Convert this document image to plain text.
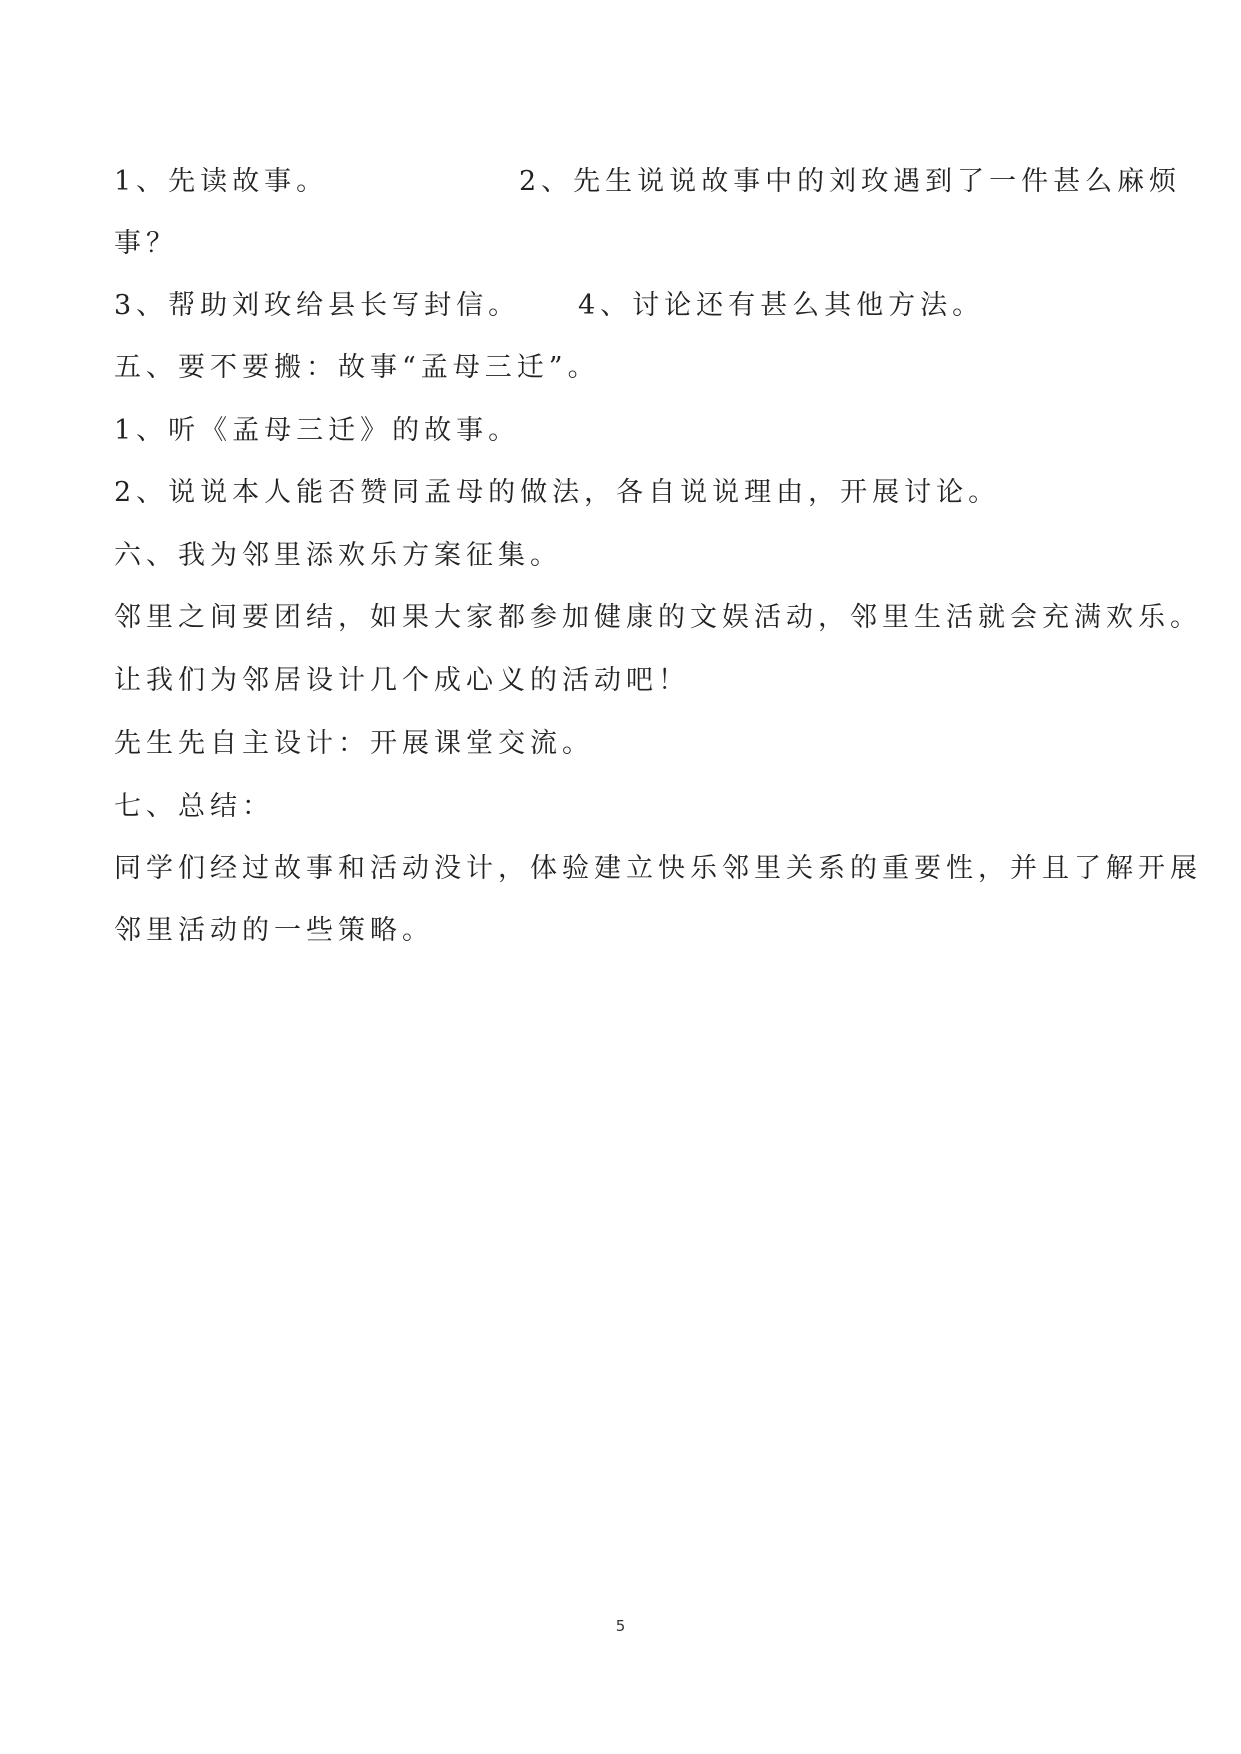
1、先读故事。	2、先生说说故事中的刘玫遇到了一件甚么麻烦
事？
3、帮助刘玫给县长写封信。 4、讨论还有甚么其他方法。
五、要不要搬：故事“孟母三迁”。
1、听《孟母三迁》的故事。
2、说说本人能否赞同孟母的做法，各自说说理由，开展讨论。
六、我为邻里添欢乐方案征集。
邻里之间要团结，如果大家都参加健康的文娱活动，邻里生活就会充满欢乐。
让我们为邻居设计几个成心义的活动吧！
先生先自主设计：开展课堂交流。
七、总结：
同学们经过故事和活动没计，体验建立快乐邻里关系的重要性，并且了解开展
邻里活动的一些策略。
5
